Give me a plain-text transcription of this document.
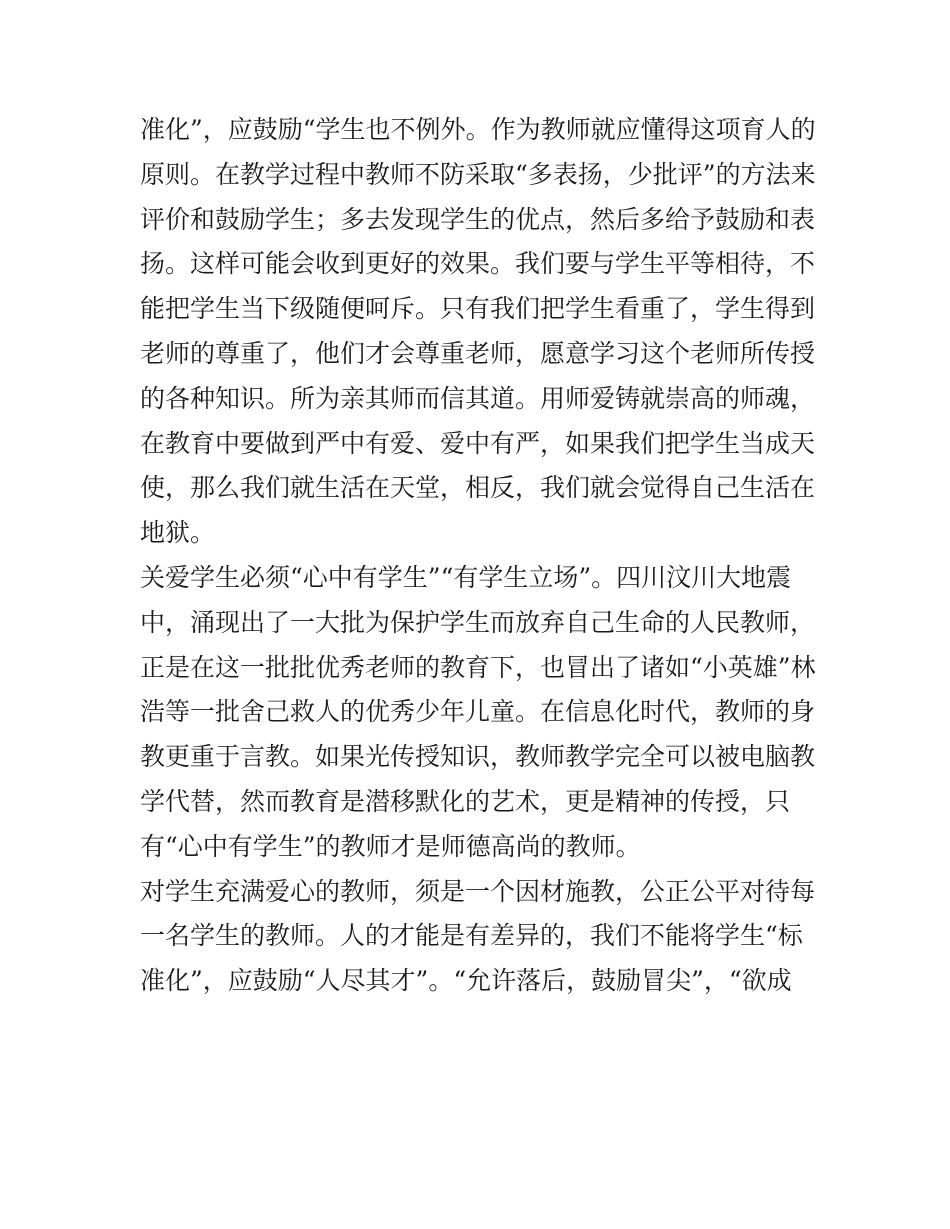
准化”，应鼓励“学生也不例外。作为教师就应懂得这项育人的
原则。在教学过程中教师不防采取“多表扬，少批评”的方法来
评价和鼓励学生；多去发现学生的优点，然后多给予鼓励和表
扬。这样可能会收到更好的效果。我们要与学生平等相待，不
能把学生当下级随便呵斥。只有我们把学生看重了，学生得到
老师的尊重了，他们才会尊重老师，愿意学习这个老师所传授
的各种知识。所为亲其师而信其道。用师爱铸就崇高的师魂，
在教育中要做到严中有爱、爱中有严，如果我们把学生当成天
使，那么我们就生活在天堂，相反，我们就会觉得自己生活在
地狱。
关爱学生必须“心中有学生”“有学生立场”。四川汶川大地震
中，涌现出了一大批为保护学生而放弃自己生命的人民教师，
正是在这一批批优秀老师的教育下，也冒出了诸如“小英雄”林
浩等一批舍己救人的优秀少年儿童。在信息化时代，教师的身
教更重于言教。如果光传授知识，教师教学完全可以被电脑教
学代替，然而教育是潜移默化的艺术，更是精神的传授，只
有“心中有学生”的教师才是师德高尚的教师。
对学生充满爱心的教师，须是一个因材施教，公正公平对待每
一名学生的教师。人的才能是有差异的，我们不能将学生“标
准化”，应鼓励“人尽其才”。“允许落后，鼓励冒尖”，“欲成
